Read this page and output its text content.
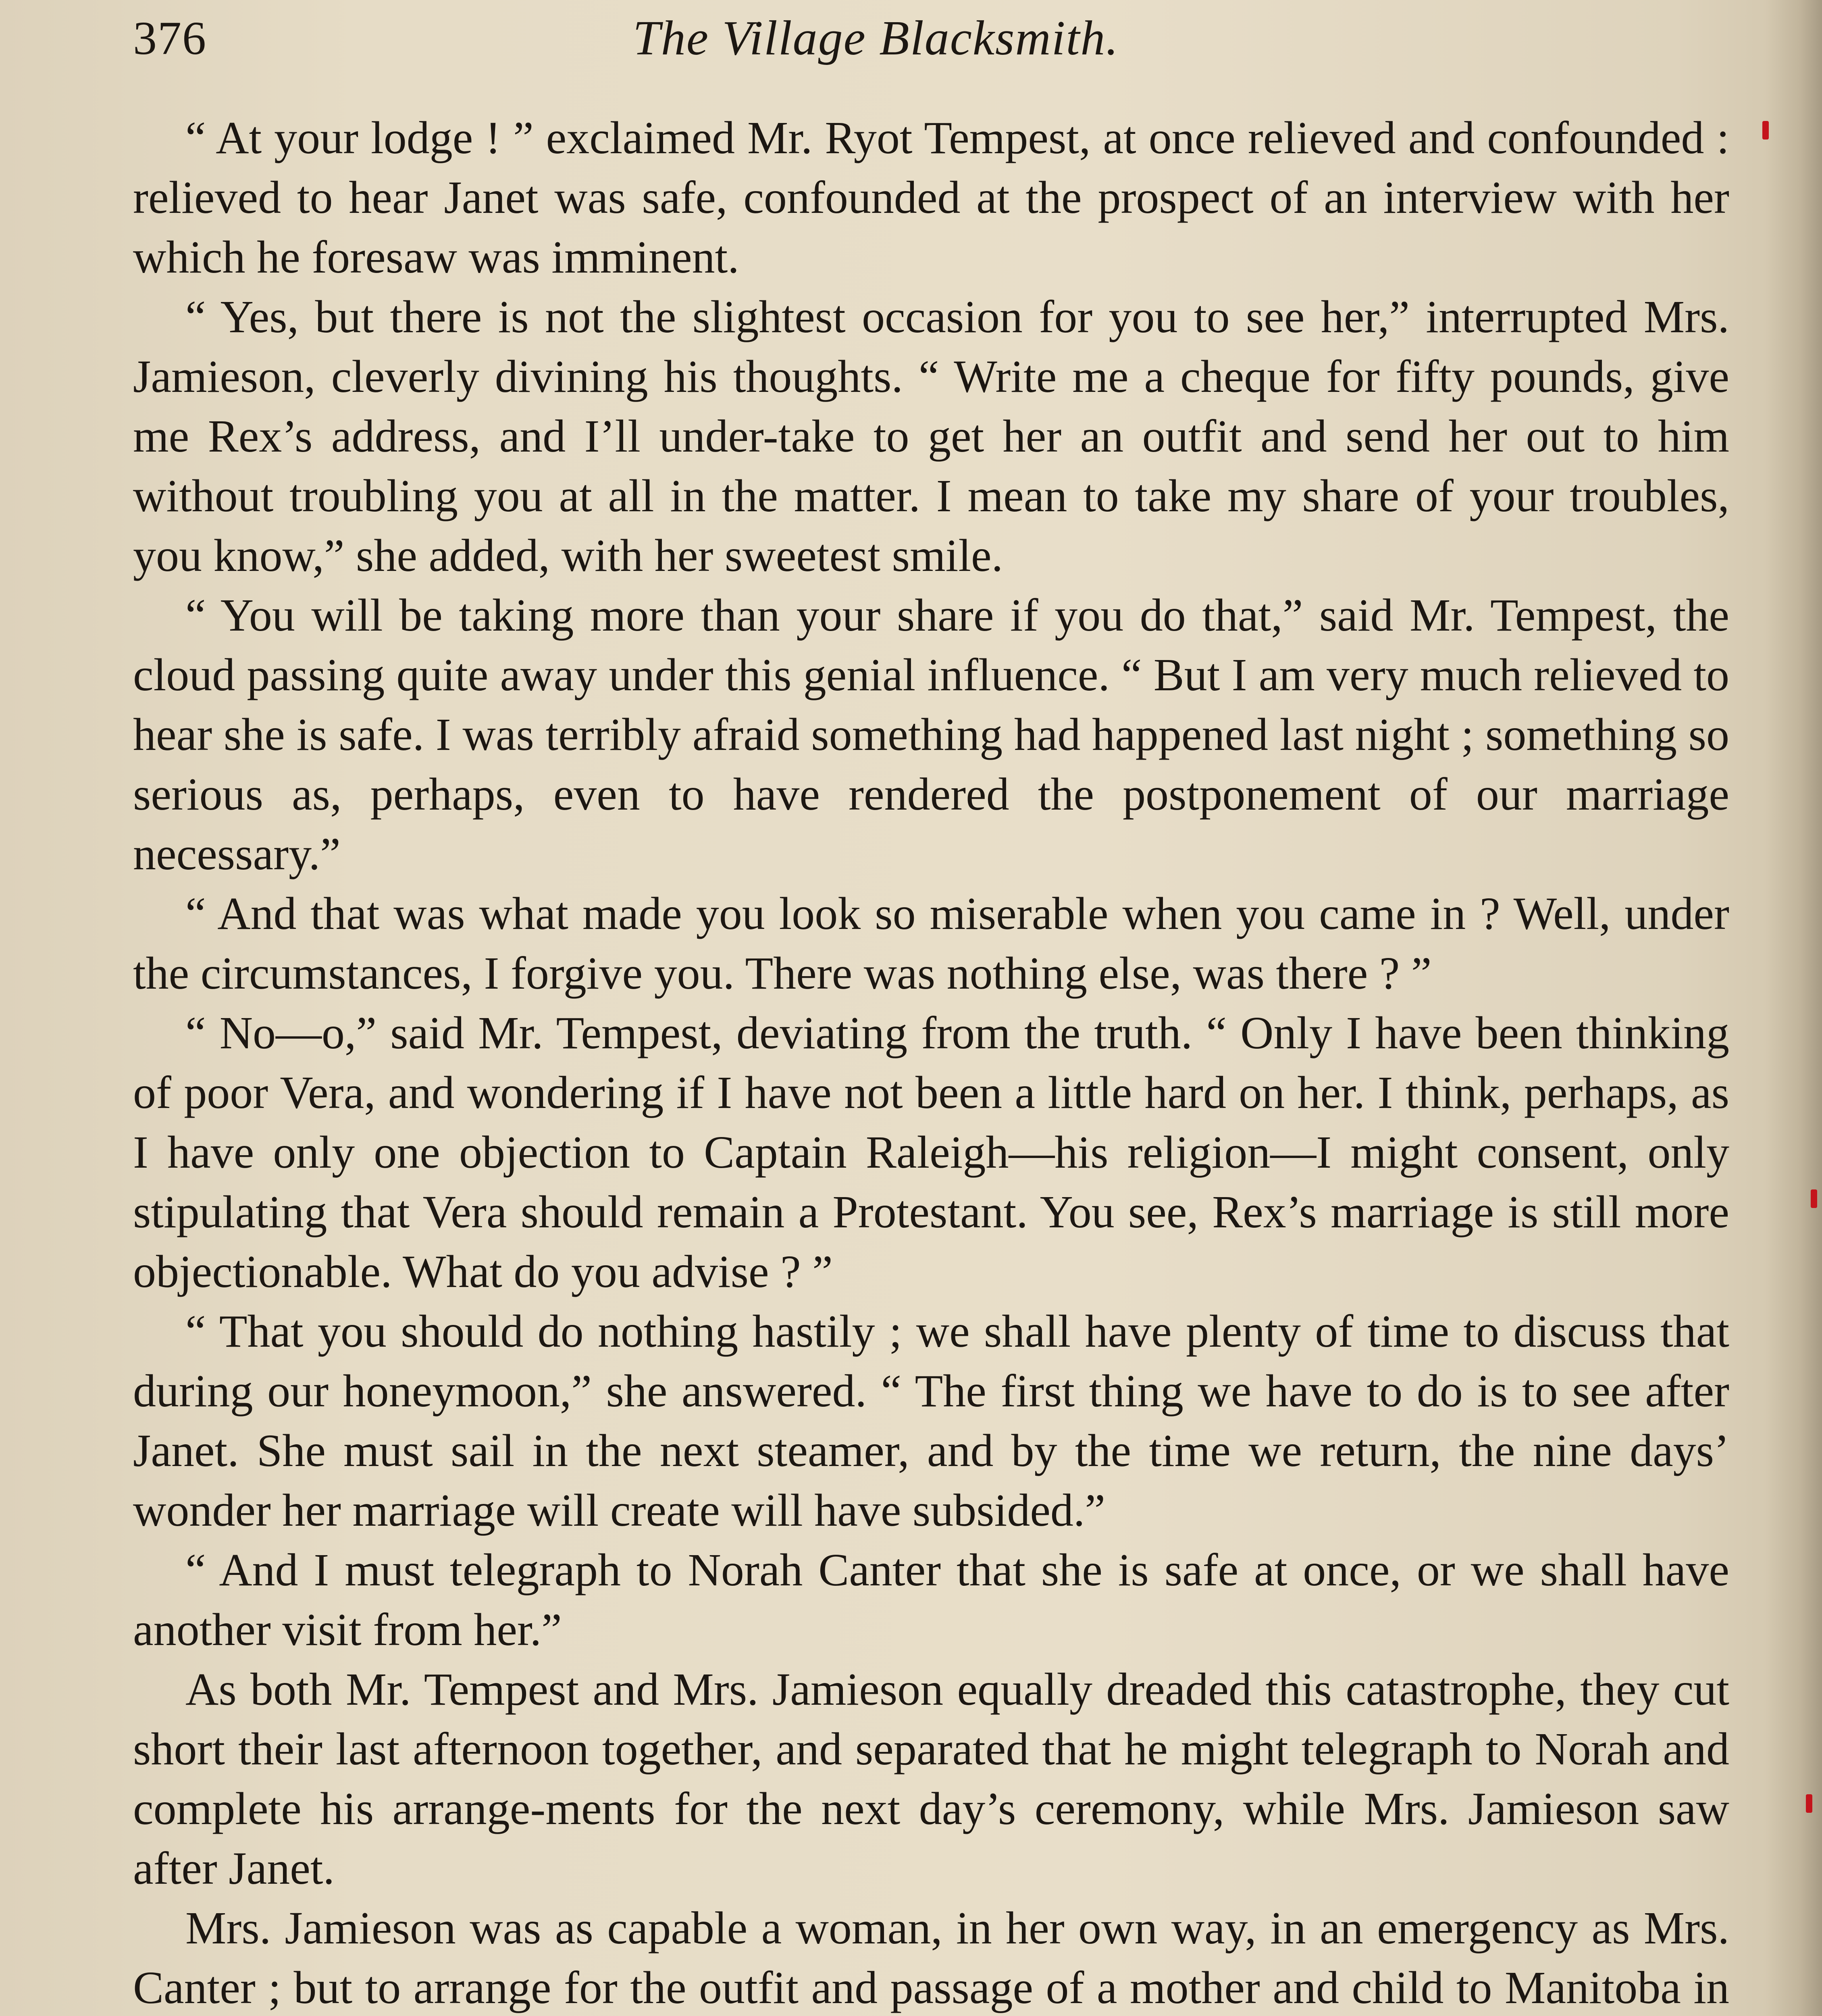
376	The Village Blacksmith.

“ At your lodge ! ” exclaimed Mr. Ryot Tempest, at once relieved and confounded : relieved to hear Janet was safe, confounded at the prospect of an interview with her which he foresaw was imminent.

“ Yes, but there is not the slightest occasion for you to see her,” interrupted Mrs. Jamieson, cleverly divining his thoughts. “ Write me a cheque for fifty pounds, give me Rex’s address, and I’ll under-take to get her an outfit and send her out to him without troubling you at all in the matter. I mean to take my share of your troubles, you know,” she added, with her sweetest smile.

“ You will be taking more than your share if you do that,” said Mr. Tempest, the cloud passing quite away under this genial influence. “ But I am very much relieved to hear she is safe. I was terribly afraid something had happened last night ; something so serious as, perhaps, even to have rendered the postponement of our marriage necessary.”

“ And that was what made you look so miserable when you came in ? Well, under the circumstances, I forgive you. There was nothing else, was there ? ”

“ No—o,” said Mr. Tempest, deviating from the truth. “ Only I have been thinking of poor Vera, and wondering if I have not been a little hard on her. I think, perhaps, as I have only one objection to Captain Raleigh—his religion—I might consent, only stipulating that Vera should remain a Protestant. You see, Rex’s marriage is still more objectionable. What do you advise ? ”

“ That you should do nothing hastily ; we shall have plenty of time to discuss that during our honeymoon,” she answered. “ The first thing we have to do is to see after Janet. She must sail in the next steamer, and by the time we return, the nine days’ wonder her marriage will create will have subsided.”

“ And I must telegraph to Norah Canter that she is safe at once, or we shall have another visit from her.”

As both Mr. Tempest and Mrs. Jamieson equally dreaded this catastrophe, they cut short their last afternoon together, and separated that he might telegraph to Norah and complete his arrange-ments for the next day’s ceremony, while Mrs. Jamieson saw after Janet.

Mrs. Jamieson was as capable a woman, in her own way, in an emergency as Mrs. Canter ; but to arrange for the outfit and passage of a mother and child to Manitoba in
